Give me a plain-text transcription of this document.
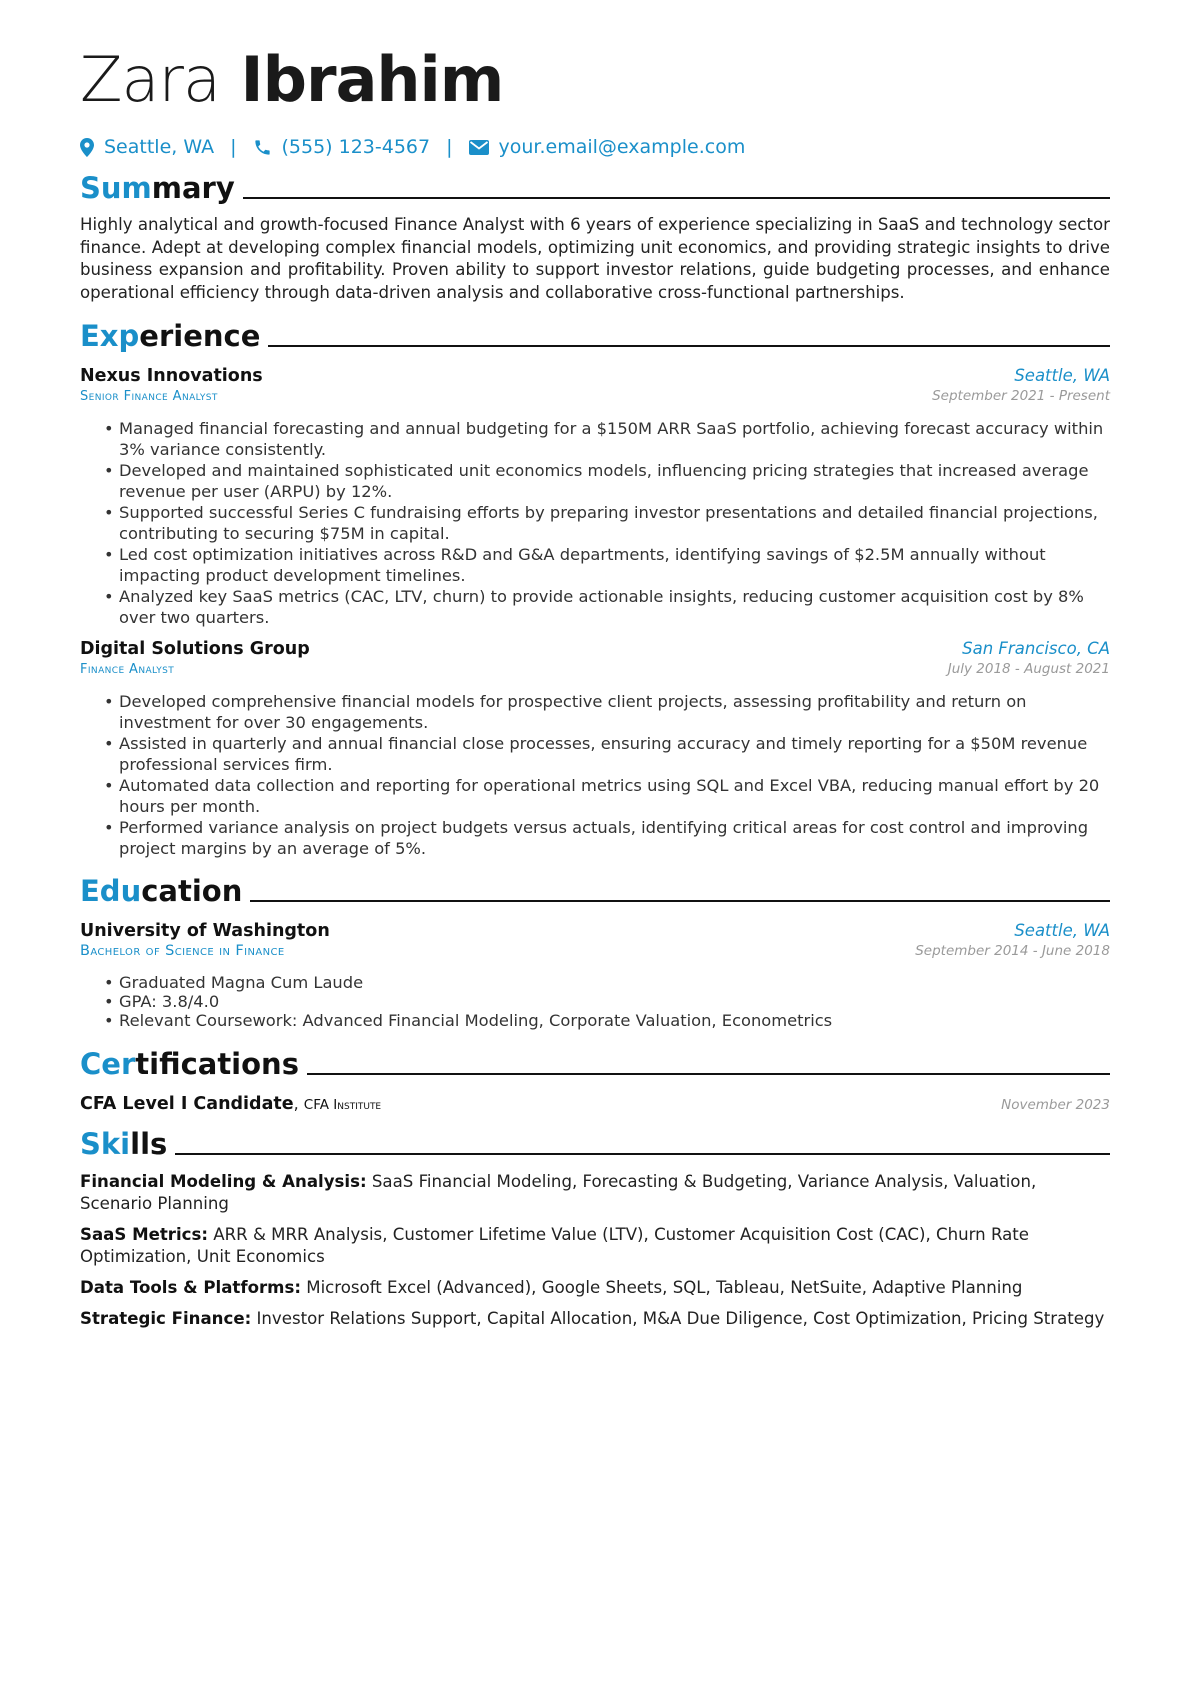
Zara Ibrahim
Seattle, WA | (555) 123-4567 | your.email@example.com
Summary

Highly analytical and growth-focused Finance Analyst with 6 years of experience specializing in SaaS and technology sector finance. Adept at developing complex financial models, optimizing unit economics, and providing strategic insights to drive business expansion and profitability. Proven ability to support investor relations, guide budgeting processes, and enhance operational efficiency through data-driven analysis and collaborative cross-functional partnerships.

Experience
Nexus Innovations	Seattle, WA
Senior Finance Analyst	September 2021 - Present
• Managed financial forecasting and annual budgeting for a $150M ARR SaaS portfolio, achieving forecast accuracy within 3% variance consistently.
• Developed and maintained sophisticated unit economics models, influencing pricing strategies that increased average revenue per user (ARPU) by 12%.
• Supported successful Series C fundraising efforts by preparing investor presentations and detailed financial projections, contributing to securing $75M in capital.
• Led cost optimization initiatives across R&D and G&A departments, identifying savings of $2.5M annually without impacting product development timelines.
• Analyzed key SaaS metrics (CAC, LTV, churn) to provide actionable insights, reducing customer acquisition cost by 8% over two quarters.
Digital Solutions Group	San Francisco, CA
Finance Analyst	July 2018 - August 2021
• Developed comprehensive financial models for prospective client projects, assessing profitability and return on investment for over 30 engagements.
• Assisted in quarterly and annual financial close processes, ensuring accuracy and timely reporting for a $50M revenue professional services firm.
• Automated data collection and reporting for operational metrics using SQL and Excel VBA, reducing manual effort by 20 hours per month.
• Performed variance analysis on project budgets versus actuals, identifying critical areas for cost control and improving project margins by an average of 5%.
Education
University of Washington	Seattle, WA
Bachelor of Science in Finance	September 2014 - June 2018
• Graduated Magna Cum Laude
• GPA: 3.8/4.0
• Relevant Coursework: Advanced Financial Modeling, Corporate Valuation, Econometrics
Certifications
CFA Level I Candidate, CFA Institute	November 2023
Skills
Financial Modeling & Analysis: SaaS Financial Modeling, Forecasting & Budgeting, Variance Analysis, Valuation, Scenario Planning
SaaS Metrics: ARR & MRR Analysis, Customer Lifetime Value (LTV), Customer Acquisition Cost (CAC), Churn Rate Optimization, Unit Economics
Data Tools & Platforms: Microsoft Excel (Advanced), Google Sheets, SQL, Tableau, NetSuite, Adaptive Planning
Strategic Finance: Investor Relations Support, Capital Allocation, M&A Due Diligence, Cost Optimization, Pricing Strategy
